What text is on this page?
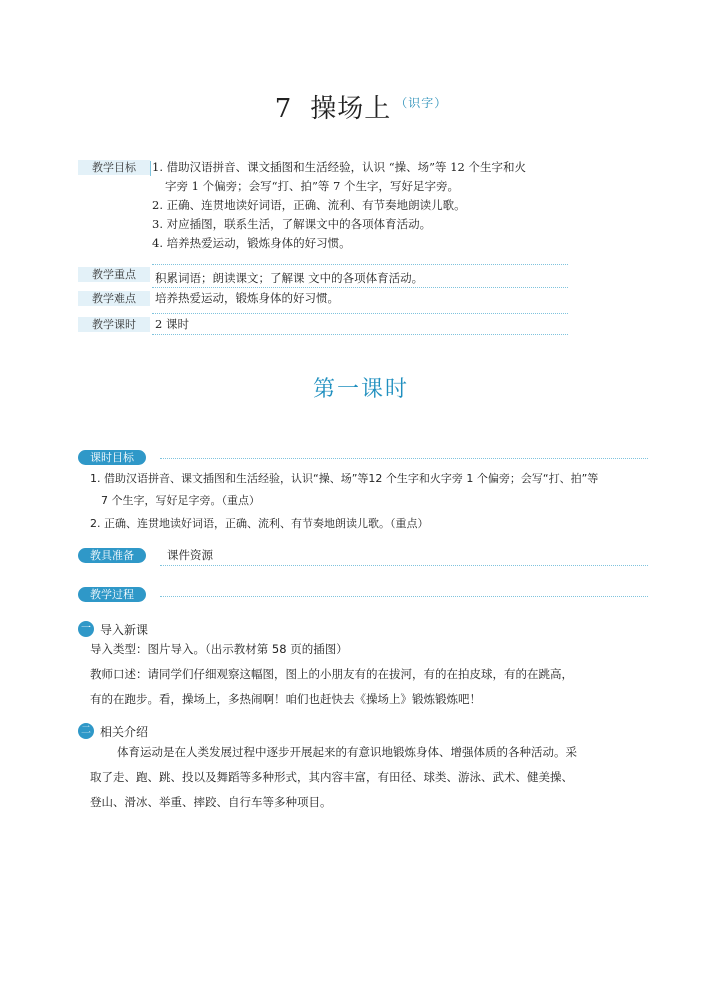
7 操场上 $^{(识字)}$
教学目标	1. 借助汉语拼音、课文插图和生活经验，认识 “操、场”等 12 个生字和火
字旁 1 个偏旁；会写“打、拍”等 7 个生字，写好足字旁。
2. 正确、连贯地读好词语，正确、流利、有节奏地朗读儿歌。
3. 对应插图，联系生活，了解课文中的各项体育活动。
4. 培养热爱运动，锻炼身体的好习惯。
教学重点	积累词语；朗读课文；了解课 文中的各项体育活动。
教学难点	培养热爱运动，锻炼身体的好习惯。
教学课时	2 课时
第一课时
课时目标
1. 借助汉语拼音、课文插图和生活经验，认识“操、场”等12 个生字和火字旁 1 个偏旁；会写“打、拍”等
7 个生字，写好足字旁。（重点）
2. 正确、连贯地读好词语，正确、流利、有节奏地朗读儿歌。（重点）
教具准备	课件资源
教学过程
一 导入新课
导入类型：图片导入。（出示教材第 58 页的插图）
教师口述：请同学们仔细观察这幅图，图上的小朋友有的在拔河，有的在拍皮球，有的在跳高，
有的在跑步。看，操场上，多热闹啊！咱们也赶快去《操场上》锻炼锻炼吧！
二 相关介绍
体育运动是在人类发展过程中逐步开展起来的有意识地锻炼身体、增强体质的各种活动。采
取了走、跑、跳、投以及舞蹈等多种形式，其内容丰富，有田径、球类、游泳、武术、健美操、
登山、滑冰、举重、摔跤、自行车等多种项目。
